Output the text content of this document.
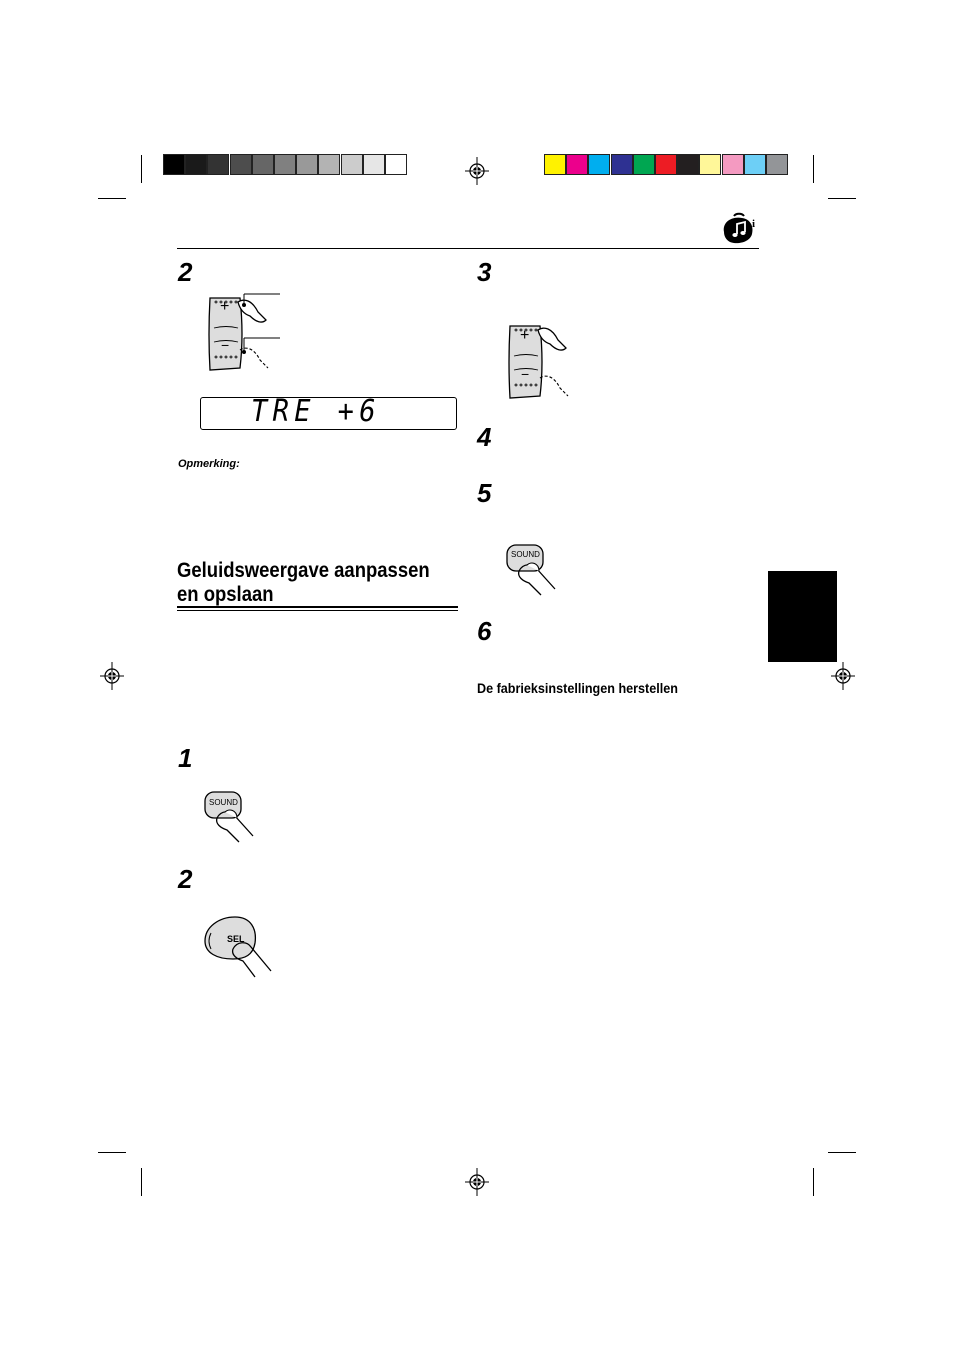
i
2
1
2
3
4
5
6
+
−
TRE +6
Opmerking:
Geluidsweergave aanpassen
en opslaan
SOUND
SEL
+
−
SOUND
De fabrieksinstellingen herstellen
